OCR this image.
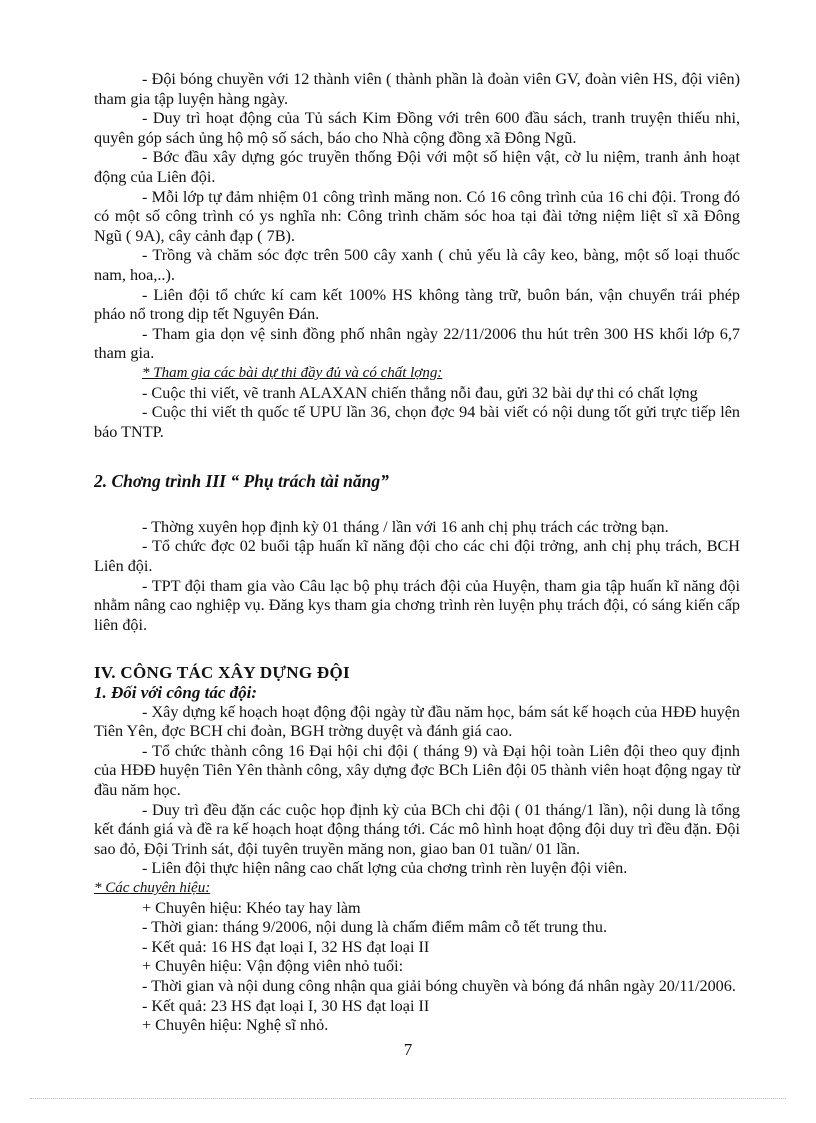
- Đội bóng chuyền với 12 thành viên ( thành phần là đoàn viên GV, đoàn viên HS, đội viên) tham gia tập luyện hàng ngày.

- Duy trì hoạt động của Tủ sách Kim Đồng với trên 600 đầu sách, tranh truyện thiếu nhi, quyên góp sách ủng hộ mộ số sách, báo cho Nhà cộng đồng xã Đông Ngũ.

- Bớc đầu xây dựng góc truyền thống Đội với một số hiện vật, cờ lu niệm, tranh ảnh hoạt động của Liên đội.

- Mỗi lớp tự đảm nhiệm 01 công trình măng non. Có 16 công trình của 16 chi đội. Trong đó có một số công trình có ys nghĩa nh: Công trình chăm sóc hoa tại đài tởng niệm liệt sĩ xã Đông Ngũ ( 9A), cây cảnh đạp ( 7B).

- Trồng và chăm sóc đợc trên 500 cây xanh ( chủ yếu là cây keo, bàng, một số loại thuốc nam, hoa,..).

- Liên đội tổ chức kí cam kết 100% HS không tàng trữ, buôn bán, vận chuyển trái phép pháo nổ trong dịp tết Nguyên Đán.

- Tham gia dọn vệ sinh đồng phố nhân ngày 22/11/2006 thu hút trên 300 HS khối lớp 6,7 tham gia.

* Tham gia các bài dự thi đầy đủ và có chất lợng:

- Cuộc thi viết, vẽ tranh ALAXAN chiến thắng nỗi đau, gửi 32 bài dự thi có chất lợng

- Cuộc thi viết th quốc tế UPU lần 36, chọn đợc 94 bài viết có nội dung tốt gửi trực tiếp lên báo TNTP.

2. Chơng trình III “ Phụ trách tài năng”

- Thờng xuyên họp định kỳ 01 tháng / lần với 16 anh chị phụ trách các trờng bạn.

- Tổ chức đợc 02 buổi tập huấn kĩ năng đội cho các chi đội trởng, anh chị phụ trách, BCH Liên đội.

- TPT đội tham gia vào Câu lạc bộ phụ trách đội của Huyện, tham gia tập huấn kĩ năng đội nhằm nâng cao nghiệp vụ. Đăng kys tham gia chơng trình rèn luyện phụ trách đội, có sáng kiến cấp liên đội.

IV. CÔNG TÁC XÂY DỰNG ĐỘI
1. Đối với công tác đội:

- Xây dựng kế hoạch hoạt động đội ngày từ đầu năm học, bám sát kế hoạch của HĐĐ huyện Tiên Yên, đợc BCH chi đoàn, BGH trờng duyệt và đánh giá cao.

- Tổ chức thành công 16 Đại hội chi đội ( tháng 9) và Đại hội toàn Liên đội theo quy định của HĐĐ huyện Tiên Yên thành công, xây dựng đợc BCh Liên đội 05 thành viên hoạt động ngay từ đầu năm học.

- Duy trì đều đặn các cuộc họp định kỳ của BCh chi đội ( 01 tháng/1 lần), nội dung là tổng kết đánh giá và đề ra kế hoạch hoạt động tháng tới. Các mô hình hoạt động đội duy trì đều đặn. Đội sao đỏ, Đội Trinh sát, đội tuyên truyền măng non, giao ban 01 tuần/ 01 lần.

- Liên đội thực hiện nâng cao chất lợng của chơng trình rèn luyện đội viên.

* Các chuyên hiệu:

+ Chuyên hiệu: Khéo tay hay làm

- Thời gian: tháng 9/2006, nội dung là chấm điểm mâm cỗ tết trung thu.

- Kết quả: 16 HS đạt loại I, 32 HS đạt loại II

+ Chuyên hiệu: Vận động viên nhỏ tuổi:

- Thời gian và nội dung công nhận qua giải bóng chuyền và bóng đá nhân ngày 20/11/2006.

- Kết quả: 23 HS đạt loại I, 30 HS đạt loại II

+ Chuyên hiệu: Nghệ sĩ nhỏ.

7
